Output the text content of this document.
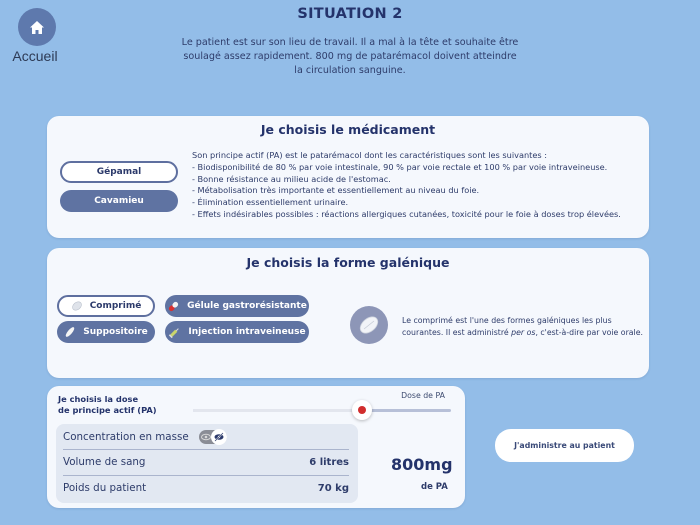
Accueil
SITUATION 2
Le patient est sur son lieu de travail. Il a mal à la tête et souhaite être soulagé assez rapidement. 800 mg de patarémacol doivent atteindre la circulation sanguine.
Je choisis le médicament
Gépamal
Cavamieu
Son principe actif (PA) est le patarémacol dont les caractéristiques sont les suivantes :
- Biodisponibilité de 80 % par voie intestinale, 90 % par voie rectale et 100 % par voie intraveineuse.
- Bonne résistance au milieu acide de l'estomac.
- Métabolisation très importante et essentiellement au niveau du foie.
- Élimination essentiellement urinaire.
- Effets indésirables possibles : réactions allergiques cutanées, toxicité pour le foie à doses trop élevées.
Je choisis la forme galénique
Comprimé	Gélule gastrorésistante
Suppositoire	Injection intraveineuse
Le comprimé est l'une des formes galéniques les plus courantes. Il est administré per os, c'est-à-dire par voie orale.
Je choisis la dose
de principe actif (PA)
Dose de PA
Concentration en masse
Volume de sang	6 litres
Poids du patient	70 kg
800mg
de PA
J'administre au patient
